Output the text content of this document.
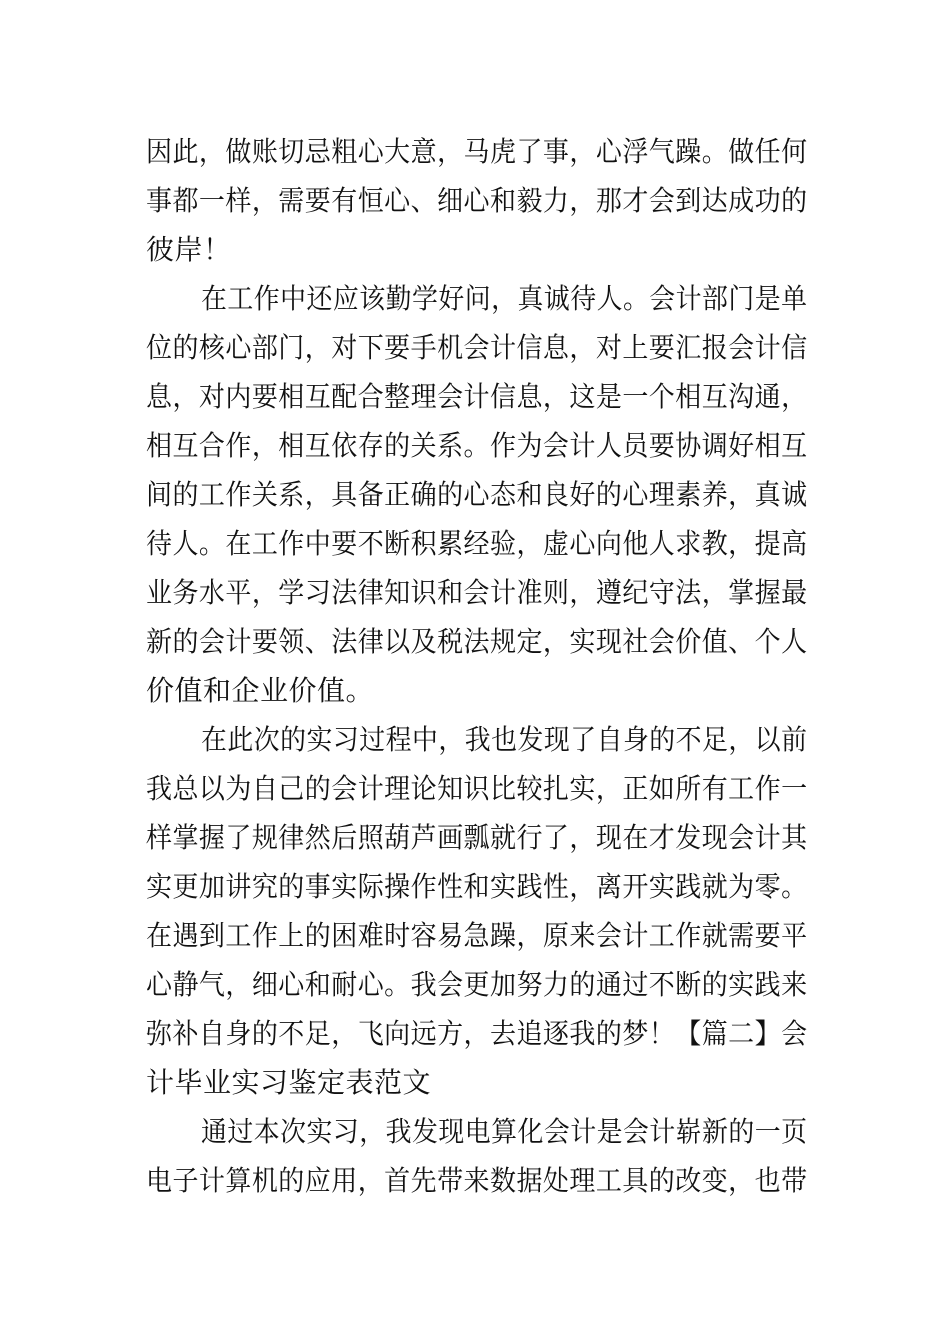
因此，做账切忌粗心大意，马虎了事，心浮气躁。做任何
事都一样，需要有恒心、细心和毅力，那才会到达成功的
彼岸！
在工作中还应该勤学好问，真诚待人。会计部门是单
位的核心部门，对下要手机会计信息，对上要汇报会计信
息，对内要相互配合整理会计信息，这是一个相互沟通，
相互合作，相互依存的关系。作为会计人员要协调好相互
间的工作关系，具备正确的心态和良好的心理素养，真诚
待人。在工作中要不断积累经验，虚心向他人求教，提高
业务水平，学习法律知识和会计准则，遵纪守法，掌握最
新的会计要领、法律以及税法规定，实现社会价值、个人
价值和企业价值。
在此次的实习过程中，我也发现了自身的不足，以前
我总以为自己的会计理论知识比较扎实，正如所有工作一
样掌握了规律然后照葫芦画瓢就行了，现在才发现会计其
实更加讲究的事实际操作性和实践性，离开实践就为零。
在遇到工作上的困难时容易急躁，原来会计工作就需要平
心静气，细心和耐心。我会更加努力的通过不断的实践来
弥补自身的不足，飞向远方，去追逐我的梦！【篇二】会
计毕业实习鉴定表范文
通过本次实习，我发现电算化会计是会计崭新的一页
电子计算机的应用，首先带来数据处理工具的改变，也带
